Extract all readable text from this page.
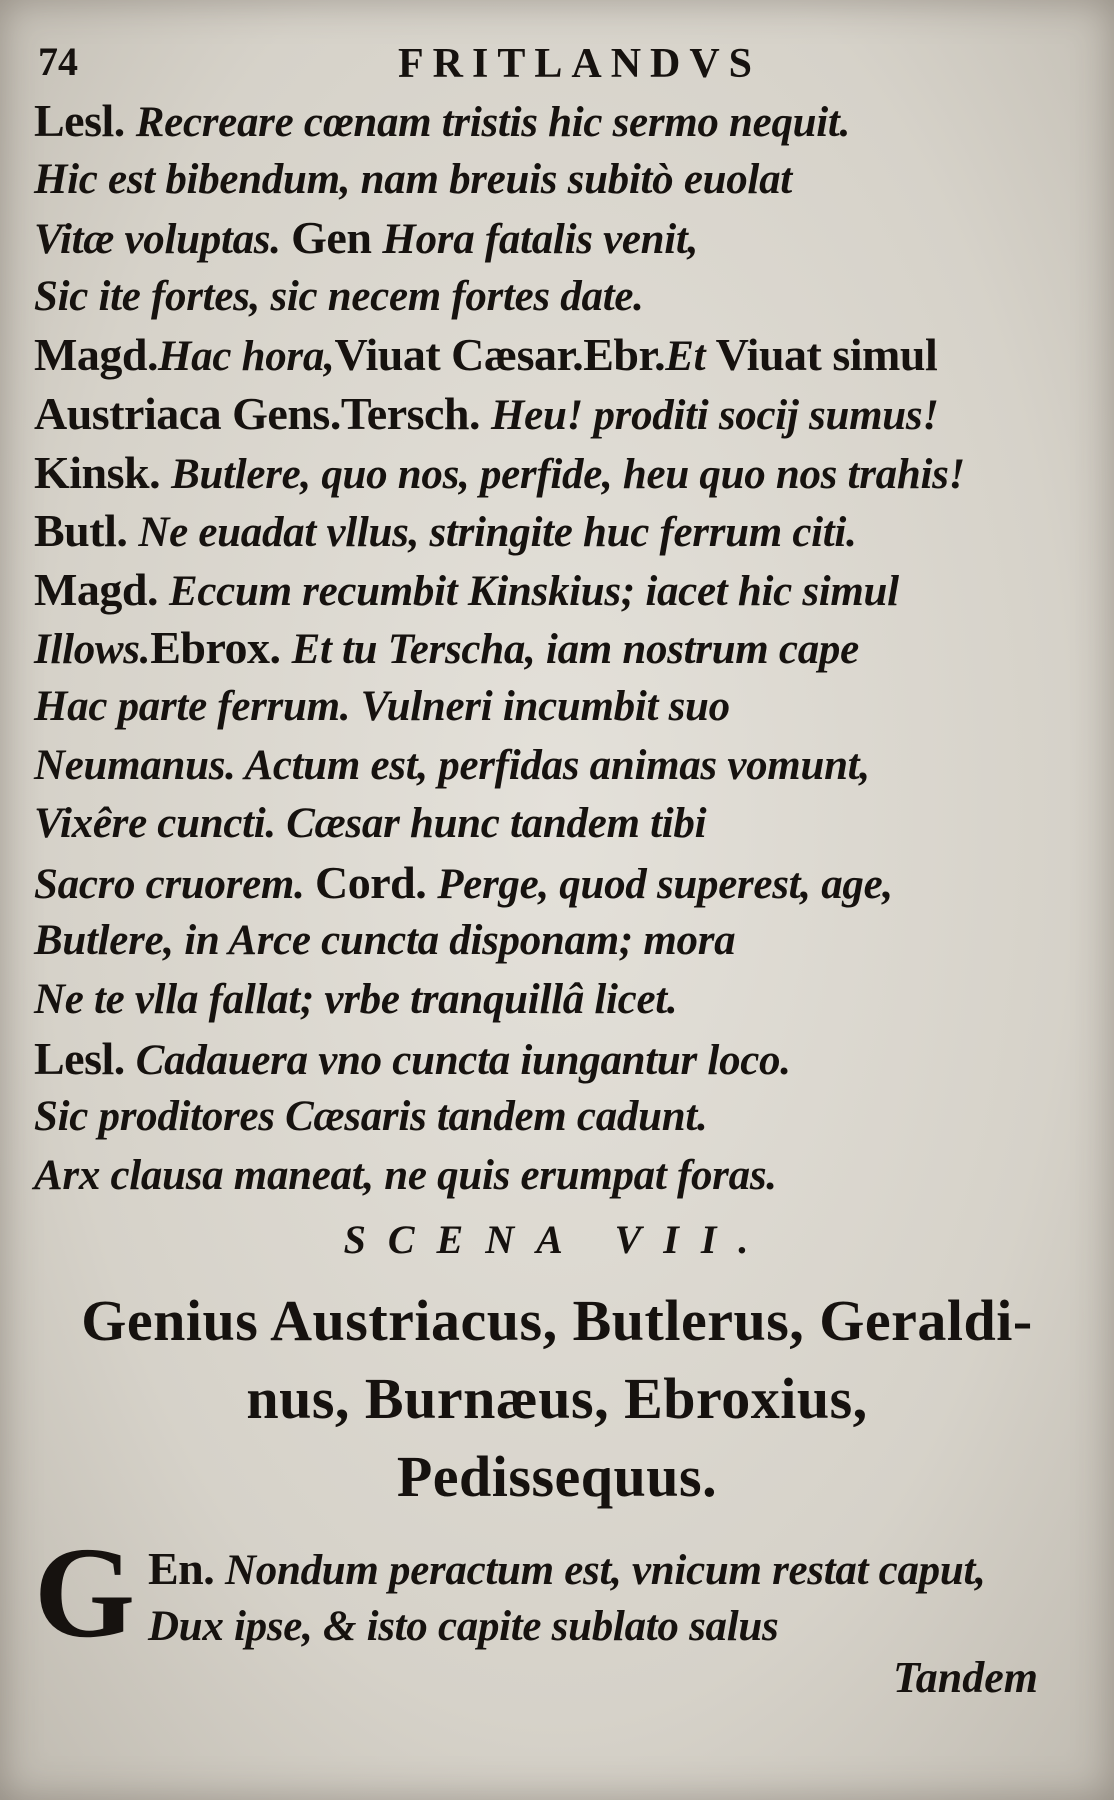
74	FRITLANDVS
Lesl. Recreare cœnam tristis hic sermo nequit.
Hic est bibendum, nam breuis subitò euolat
Vitæ voluptas. Gen Hora fatalis venit,
Sic ite fortes, sic necem fortes date.
Magd.Hac hora,Viuat Cæsar.Ebr.Et Viuat simul
Austriaca Gens.Tersch. Heu! proditi socij sumus!
Kinsk. Butlere, quo nos, perfide, heu quo nos trahis!
Butl. Ne euadat vllus, stringite huc ferrum citi.
Magd. Eccum recumbit Kinskius; iacet hic simul
Illows.Ebrox. Et tu Terscha, iam nostrum cape
Hac parte ferrum. Vulneri incumbit suo
Neumanus. Actum est, perfidas animas vomunt,
Vixêre cuncti. Cæsar hunc tandem tibi
Sacro cruorem. Cord. Perge, quod superest, age,
Butlere, in Arce cuncta disponam; mora
Ne te vlla fallat; vrbe tranquillâ licet.
Lesl. Cadauera vno cuncta iungantur loco.
Sic proditores Cæsaris tandem cadunt.
Arx clausa maneat, ne quis erumpat foras.
SCENA VII.
Genius Austriacus, Butlerus, Geraldi-
nus, Burnæus, Ebroxius,
Pedissequus.
G En. Nondum peractum est, vnicum restat caput,
Dux ipse, & isto capite sublato salus
Tandem
